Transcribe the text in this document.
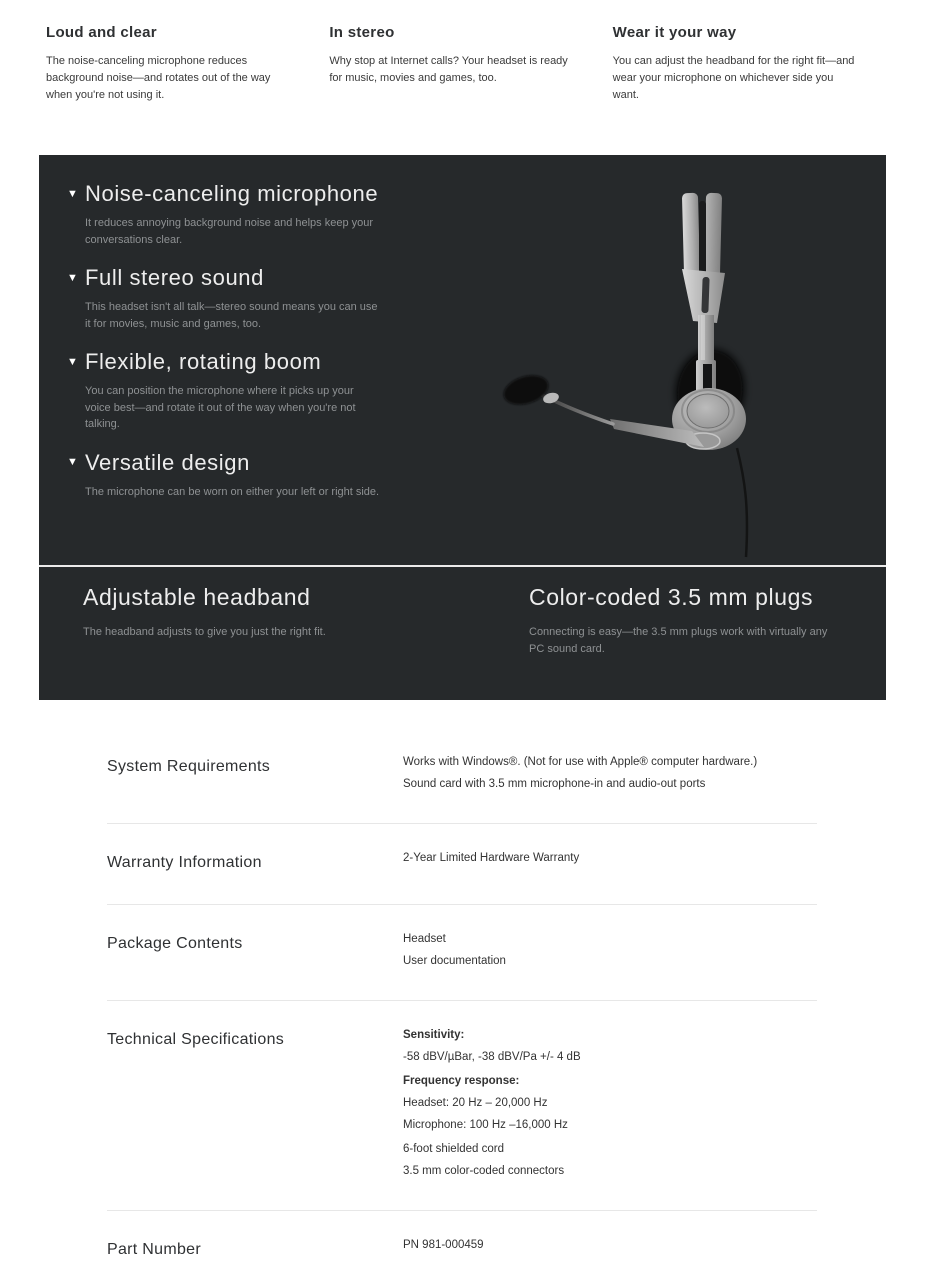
Loud and clear

The noise-canceling microphone reduces background noise—and rotates out of the way when you're not using it.

In stereo

Why stop at Internet calls? Your headset is ready for music, movies and games, too.

Wear it your way

You can adjust the headband for the right fit—and wear your microphone on whichever side you want.

▼ Noise-canceling microphone

It reduces annoying background noise and helps keep your conversations clear.

▼ Full stereo sound

This headset isn't all talk—stereo sound means you can use it for movies, music and games, too.

▼ Flexible, rotating boom

You can position the microphone where it picks up your voice best—and rotate it out of the way when you're not talking.

▼ Versatile design

The microphone can be worn on either your left or right side.

Adjustable headband

The headband adjusts to give you just the right fit.

Color-coded 3.5 mm plugs

Connecting is easy—the 3.5 mm plugs work with virtually any PC sound card.

System Requirements	Works with Windows®. (Not for use with Apple® computer hardware.)

Sound card with 3.5 mm microphone-in and audio-out ports

Warranty Information	2-Year Limited Hardware Warranty

Package Contents	Headset

User documentation

Technical Specifications	Sensitivity:

-58 dBV/µBar, -38 dBV/Pa +/- 4 dB

Frequency response:

Headset: 20 Hz – 20,000 Hz

Microphone: 100 Hz –16,000 Hz

6-foot shielded cord

3.5 mm color-coded connectors

Part Number	PN 981-000459
